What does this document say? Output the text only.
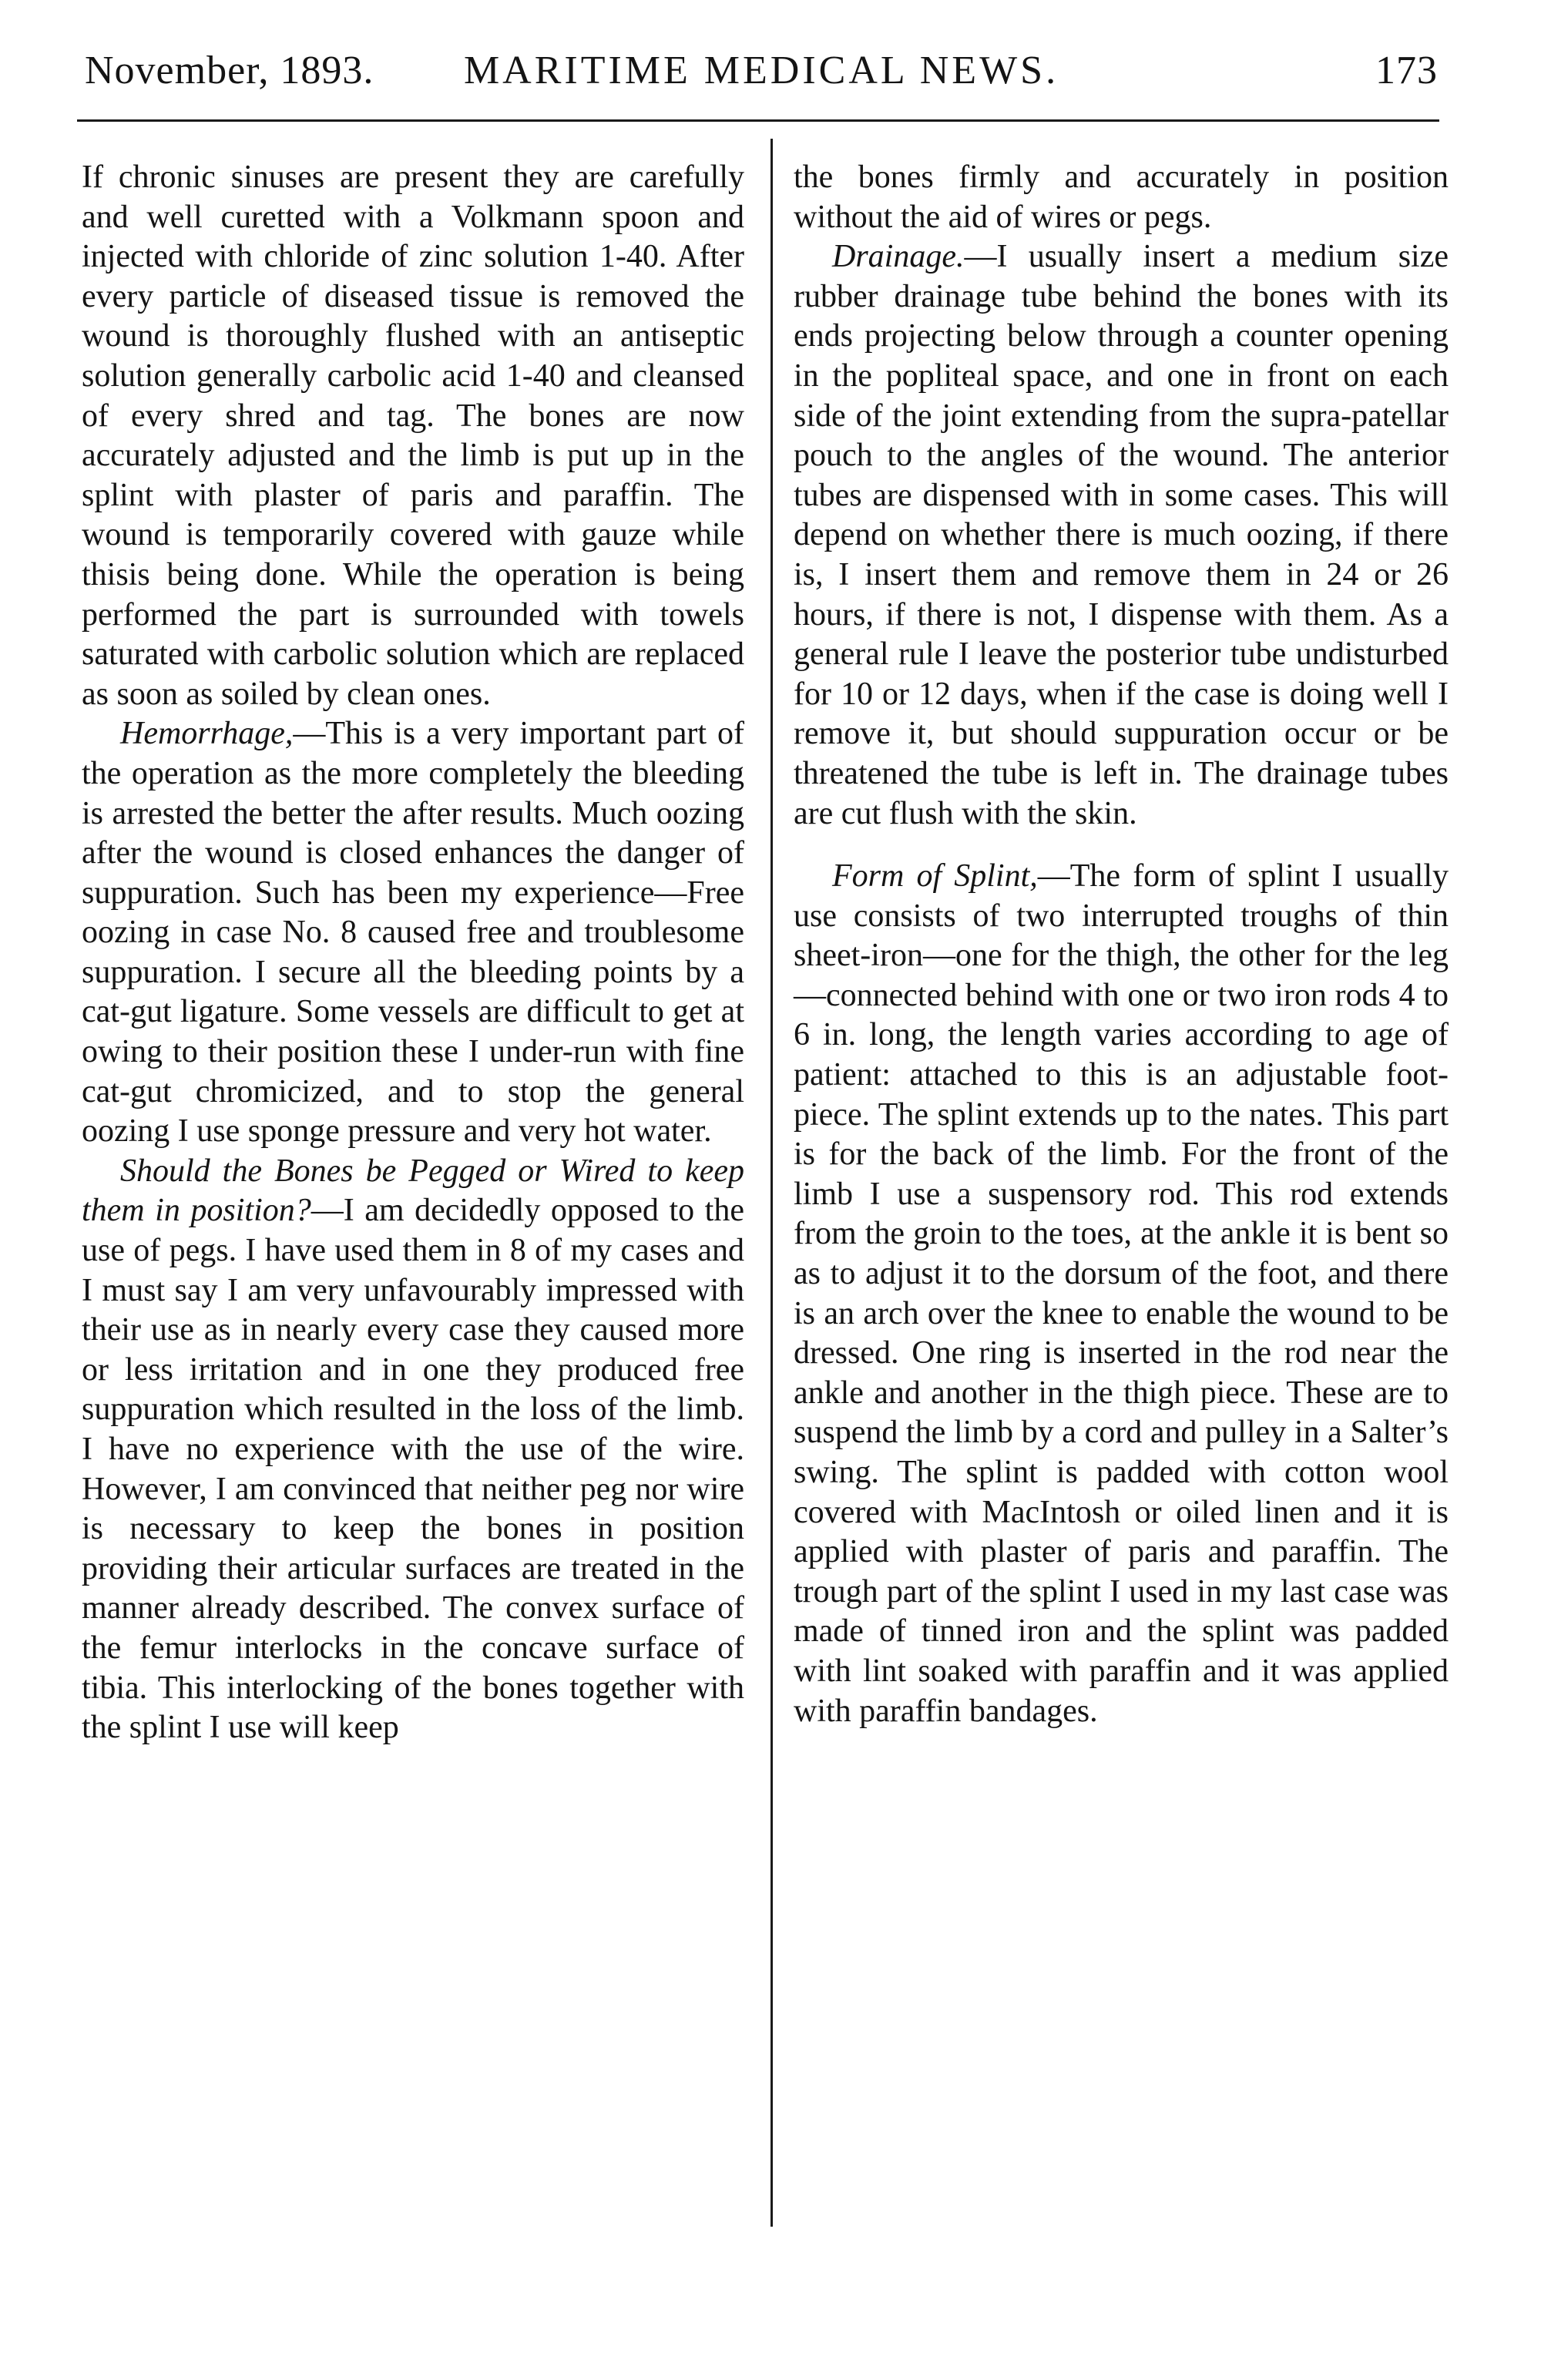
November, 1893.	MARITIME MEDICAL NEWS.	173

If chronic sinuses are present they are carefully and well curetted with a Volkmann spoon and injected with chloride of zinc solution 1-40. After every particle of diseased tissue is removed the wound is thoroughly flushed with an antiseptic solution generally carbolic acid 1-40 and cleansed of every shred and tag. The bones are now accurately adjusted and the limb is put up in the splint with plaster of paris and paraffin. The wound is temporarily covered with gauze while thisis being done. While the operation is being performed the part is surrounded with towels saturated with carbolic solution which are replaced as soon as soiled by clean ones.

Hemorrhage,—This is a very important part of the operation as the more completely the bleeding is arrested the better the after results. Much oozing after the wound is closed enhances the danger of suppuration. Such has been my experience—Free oozing in case No. 8 caused free and troublesome suppuration. I secure all the bleeding points by a cat-gut ligature. Some vessels are difficult to get at owing to their position these I under-run with fine cat-gut chromicized, and to stop the general oozing I use sponge pressure and very hot water.

Should the Bones be Pegged or Wired to keep them in position?—I am decidedly opposed to the use of pegs. I have used them in 8 of my cases and I must say I am very unfavourably impressed with their use as in nearly every case they caused more or less irritation and in one they produced free suppuration which resulted in the loss of the limb. I have no experience with the use of the wire. However, I am convinced that neither peg nor wire is necessary to keep the bones in position providing their articular surfaces are treated in the manner already described. The convex surface of the femur interlocks in the concave surface of tibia. This interlocking of the bones together with the splint I use will keep

the bones firmly and accurately in position without the aid of wires or pegs.

Drainage.—I usually insert a medium size rubber drainage tube behind the bones with its ends projecting below through a counter opening in the popliteal space, and one in front on each side of the joint extending from the supra-patellar pouch to the angles of the wound. The anterior tubes are dispensed with in some cases. This will depend on whether there is much oozing, if there is, I insert them and remove them in 24 or 26 hours, if there is not, I dispense with them. As a general rule I leave the posterior tube undisturbed for 10 or 12 days, when if the case is doing well I remove it, but should suppuration occur or be threatened the tube is left in. The drainage tubes are cut flush with the skin.

Form of Splint,—The form of splint I usually use consists of two interrupted troughs of thin sheet-iron—one for the thigh, the other for the leg—connected behind with one or two iron rods 4 to 6 in. long, the length varies according to age of patient: attached to this is an adjustable foot-piece. The splint extends up to the nates. This part is for the back of the limb. For the front of the limb I use a suspensory rod. This rod extends from the groin to the toes, at the ankle it is bent so as to adjust it to the dorsum of the foot, and there is an arch over the knee to enable the wound to be dressed. One ring is inserted in the rod near the ankle and another in the thigh piece. These are to suspend the limb by a cord and pulley in a Salter’s swing. The splint is padded with cotton wool covered with MacIntosh or oiled linen and it is applied with plaster of paris and paraffin. The trough part of the splint I used in my last case was made of tinned iron and the splint was padded with lint soaked with paraffin and it was applied with paraffin bandages.
